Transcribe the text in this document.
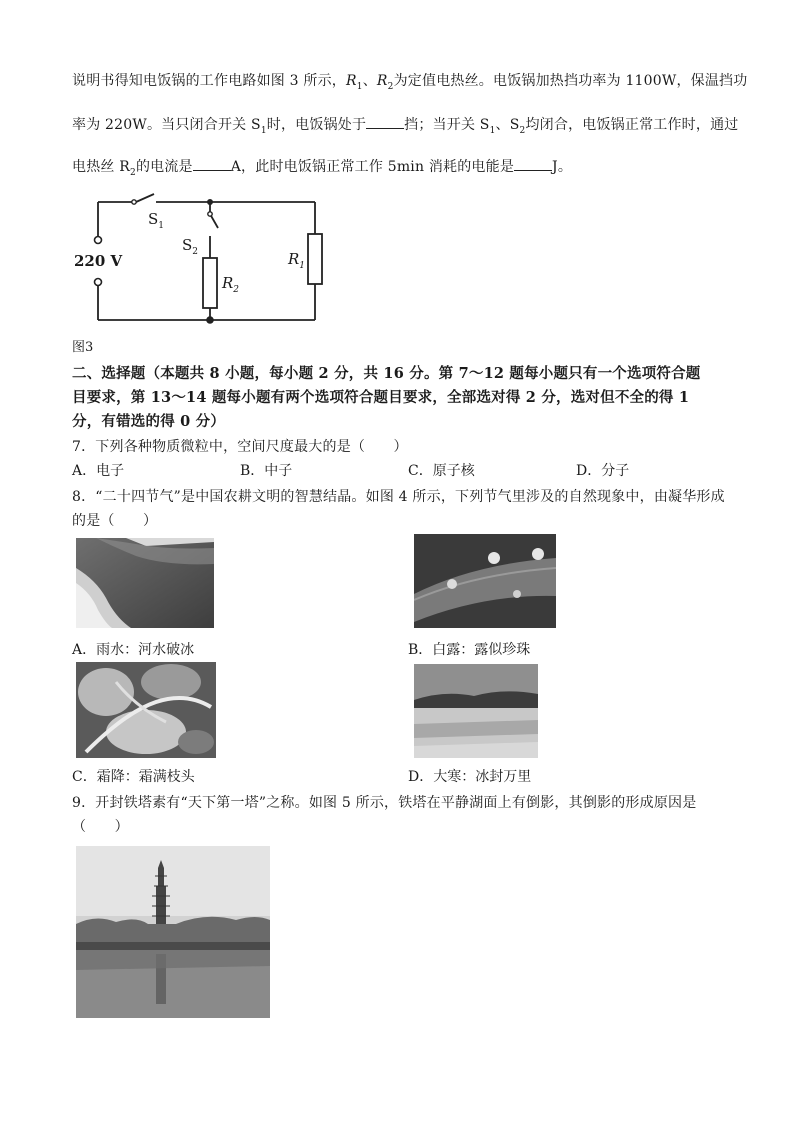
说明书得知电饭锅的工作电路如图 3 所示，$R_1$、$R_2$为定值电热丝。电饭锅加热挡功率为 1100W，保温挡功
率为 220W。当只闭合开关 $S_1$时，电饭锅处于	挡；当开关 $S_1$、$S_2$均闭合，电饭锅正常工作时，通过
电热丝 $R_2$的电流是	A，此时电饭锅正常工作 5min 消耗的电能是	J。
$S_1$
$S_2$
220 V
$R_2$
$R_1$
图3
二、选择题（本题共 8 小题，每小题 2 分，共 16 分。第 7～12 题每小题只有一个选项符合题
目要求，第 13～14 题每小题有两个选项符合题目要求，全部选对得 2 分，选对但不全的得 1
分，有错选的得 0 分）
7．下列各种物质微粒中，空间尺度最大的是（　　）
A．电子	B．中子	C．原子核	D．分子
8．“二十四节气”是中国农耕文明的智慧结晶。如图 4 所示，下列节气里涉及的自然现象中，由凝华形成
的是（　　）
A．雨水：河水破冰	B．白露：露似珍珠
C．霜降：霜满枝头	D．大寒：冰封万里
9．开封铁塔素有“天下第一塔”之称。如图 5 所示，铁塔在平静湖面上有倒影，其倒影的形成原因是
（　　）
